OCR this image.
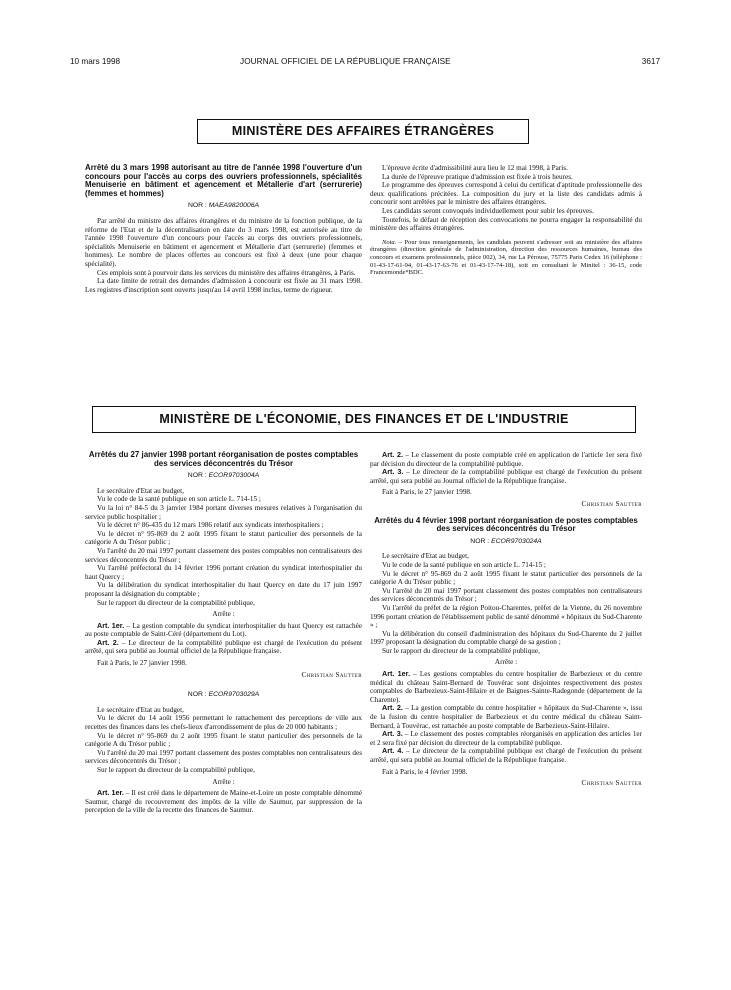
10 mars 1998	JOURNAL OFFICIEL DE LA RÉPUBLIQUE FRANÇAISE	3617
MINISTÈRE DES AFFAIRES ÉTRANGÈRES

Arrêté du 3 mars 1998 autorisant au titre de l'année 1998 l'ouverture d'un concours pour l'accès au corps des ouvriers professionnels, spécialités Menuiserie en bâtiment et agencement et Métallerie d'art (serrurerie) (femmes et hommes)

NOR : MAEA9820006A

Par arrêté du ministre des affaires étrangères et du ministre de la fonction publique, de la réforme de l'Etat et de la décentralisation en date du 3 mars 1998, est autorisée au titre de l'année 1998 l'ouverture d'un concours pour l'accès au corps des ouvriers professionnels, spécialités Menuiserie en bâtiment et agencement et Métallerie d'art (serrurerie) (femmes et hommes). Le nombre de places offertes au concours est fixé à deux (une pour chaque spécialité).

Ces emplois sont à pourvoir dans les services du ministère des affaires étrangères, à Paris.

La date limite de retrait des demandes d'admission à concourir est fixée au 31 mars 1998. Les registres d'inscription sont ouverts jusqu'au 14 avril 1998 inclus, terme de rigueur.

L'épreuve écrite d'admissibilité aura lieu le 12 mai 1998, à Paris.

La durée de l'épreuve pratique d'admission est fixée à trois heures.

Le programme des épreuves correspond à celui du certificat d'aptitude professionnelle des deux qualifications précitées. La composition du jury et la liste des candidats admis à concourir sont arrêtées par le ministre des affaires étrangères.

Les candidats seront convoqués individuellement pour subir les épreuves.

Toutefois, le défaut de réception des convocations ne pourra engager la responsabilité du ministère des affaires étrangères.

Nota. – Pour tous renseignements, les candidats peuvent s'adresser soit au ministère des affaires étrangères (direction générale de l'administration, direction des ressources humaines, bureau des concours et examens professionnels, pièce 002), 34, rue La Pérouse, 75775 Paris Cedex 16 (téléphone : 01-43-17-61-94, 01-43-17-63-76 et 01-43-17-74-18), soit en consultant le Minitel : 36-15, code Francemonde*BDC.

MINISTÈRE DE L'ÉCONOMIE, DES FINANCES ET DE L'INDUSTRIE

Arrêtés du 27 janvier 1998 portant réorganisation de postes comptables des services déconcentrés du Trésor

NOR : ECOR9703004A

Le secrétaire d'Etat au budget,

Vu le code de la santé publique en son article L. 714-15 ;

Vu la loi n° 84-5 du 3 janvier 1984 portant diverses mesures relatives à l'organisation du service public hospitalier ;

Vu le décret n° 86-435 du 12 mars 1986 relatif aux syndicats interhospitaliers ;

Vu le décret n° 95-869 du 2 août 1995 fixant le statut particulier des personnels de la catégorie A du Trésor public ;

Vu l'arrêté du 20 mai 1997 portant classement des postes comptables non centralisateurs des services déconcentrés du Trésor ;

Vu l'arrêté préfectoral du 14 février 1996 portant création du syndicat interhospitalier du haut Quercy ;

Vu la délibération du syndicat interhospitalier du haut Quercy en date du 17 juin 1997 proposant la désignation du comptable ;

Sur le rapport du directeur de la comptabilité publique,

Arrête :

Art. 1er. – La gestion comptable du syndicat interhospitalier du haut Quercy est rattachée au poste comptable de Saint-Céré (département du Lot).

Art. 2. – Le directeur de la comptabilité publique est chargé de l'exécution du présent arrêté, qui sera publié au Journal officiel de la République française.

Fait à Paris, le 27 janvier 1998.

Christian Sautter

NOR : ECOR9703029A

Le secrétaire d'Etat au budget,

Vu le décret du 14 août 1956 permettant le rattachement des perceptions de ville aux recettes des finances dans les chefs-lieux d'arrondissement de plus de 20 000 habitants ;

Vu le décret n° 95-869 du 2 août 1995 fixant le statut particulier des personnels de la catégorie A du Trésor public ;

Vu l'arrêté du 20 mai 1997 portant classement des postes comptables non centralisateurs des services déconcentrés du Trésor ;

Sur le rapport du directeur de la comptabilité publique,

Arrête :

Art. 1er. – Il est créé dans le département de Maine-et-Loire un poste comptable dénommé Saumur, chargé du recouvrement des impôts de la ville de Saumur, par suppression de la perception de la ville de la recette des finances de Saumur.

Art. 2. – Le classement du poste comptable créé en application de l'article 1er sera fixé par décision du directeur de la comptabilité publique.

Art. 3. – Le directeur de la comptabilité publique est chargé de l'exécution du présent arrêté, qui sera publié au Journal officiel de la République française.

Fait à Paris, le 27 janvier 1998.

Christian Sautter

Arrêtés du 4 février 1998 portant réorganisation de postes comptables des services déconcentrés du Trésor

NOR : ECOR9703024A

Le secrétaire d'Etat au budget,

Vu le code de la santé publique en son article L. 714-15 ;

Vu le décret n° 95-869 du 2 août 1995 fixant le statut particulier des personnels de la catégorie A du Trésor public ;

Vu l'arrêté du 20 mai 1997 portant classement des postes comptables non centralisateurs des services déconcentrés du Trésor ;

Vu l'arrêté du préfet de la région Poitou-Charentes, préfet de la Vienne, du 26 novembre 1996 portant création de l'établissement public de santé dénommé « hôpitaux du Sud-Charente » ;

Vu la délibération du conseil d'administration des hôpitaux du Sud-Charente du 2 juillet 1997 proposant la désignation du comptable chargé de sa gestion ;

Sur le rapport du directeur de la comptabilité publique,

Arrête :

Art. 1er. – Les gestions comptables du centre hospitalier de Barbezieux et du centre médical du château Saint-Bernard de Touvérac sont disjointes respectivement des postes comptables de Barbezieux-Saint-Hilaire et de Baignes-Sainte-Radegonde (département de la Charente).

Art. 2. – La gestion comptable du centre hospitalier « hôpitaux du Sud-Charente », issu de la fusion du centre hospitalier de Barbezieux et du centre médical du château Saint-Bernard, à Touvérac, est rattachée au poste comptable de Barbezieux-Saint-Hilaire.

Art. 3. – Le classement des postes comptables réorganisés en application des articles 1er et 2 sera fixé par décision du directeur de la comptabilité publique.

Art. 4. – Le directeur de la comptabilité publique est chargé de l'exécution du présent arrêté, qui sera publié au Journal officiel de la République française.

Fait à Paris, le 4 février 1998.

Christian Sautter
